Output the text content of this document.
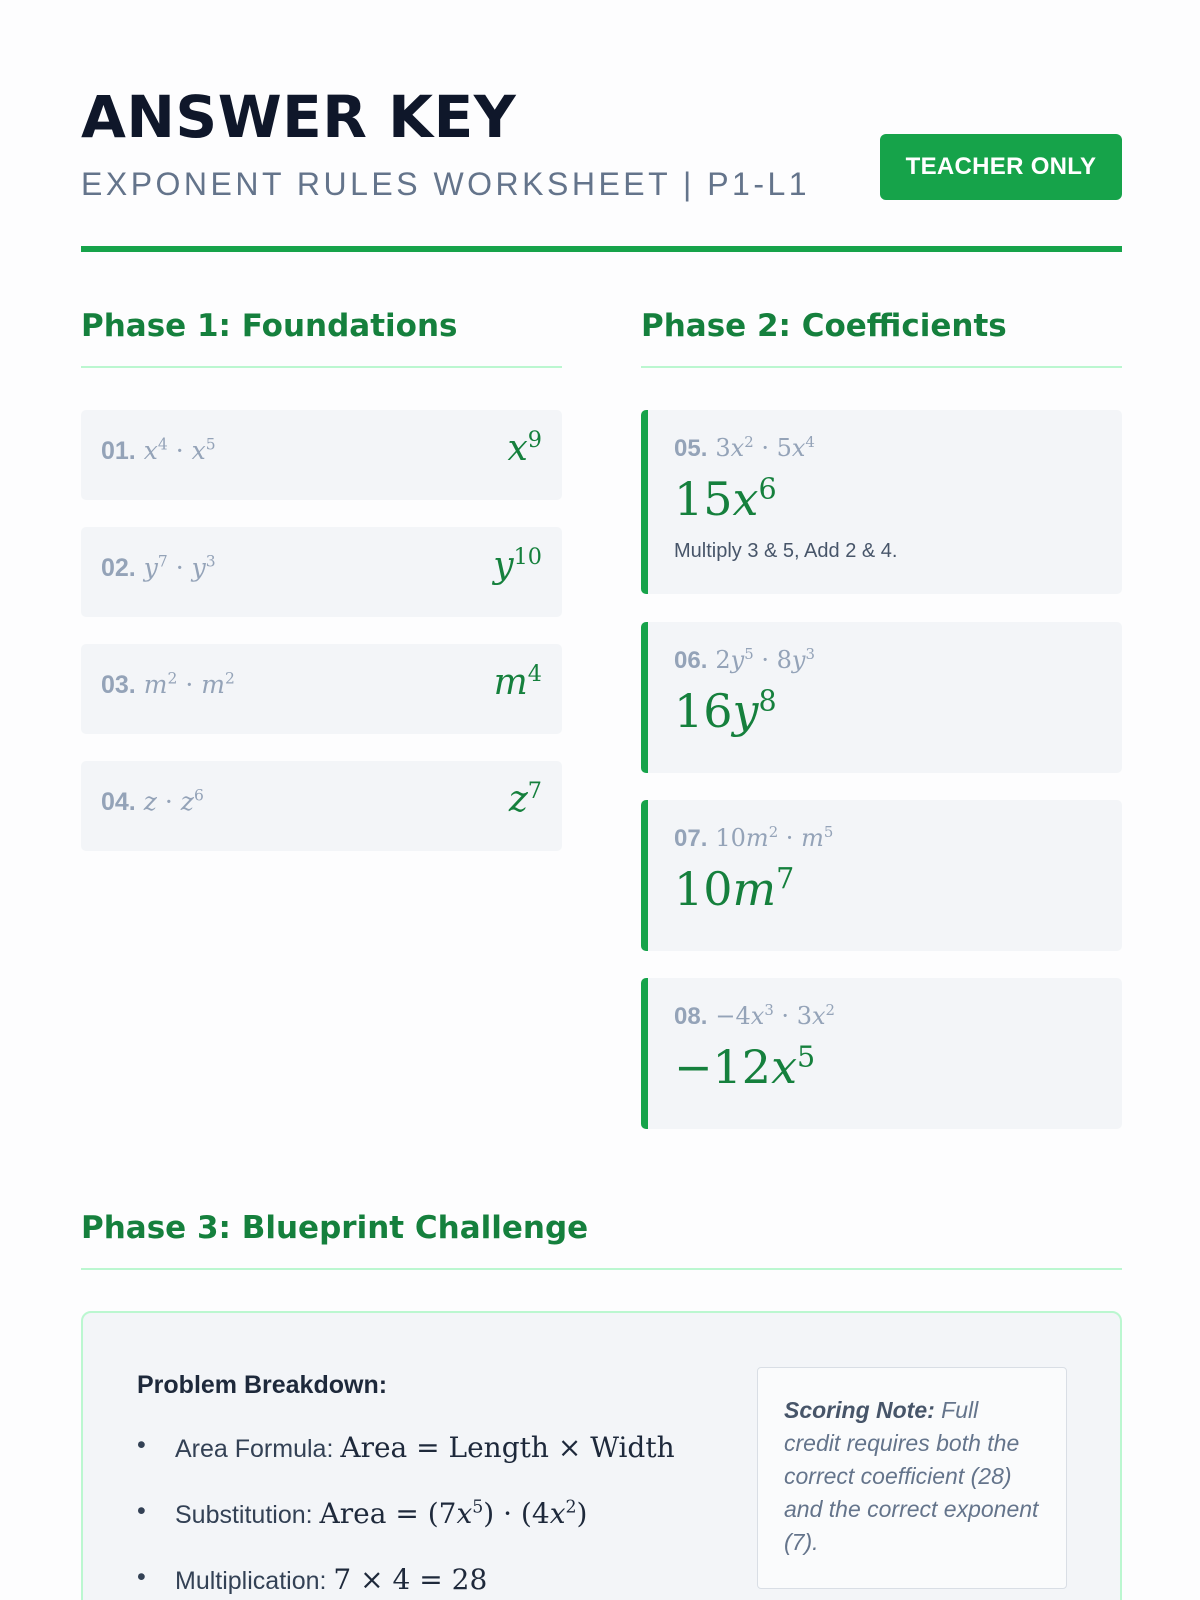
ANSWER KEY
EXPONENT RULES WORKSHEET | P1-L1	TEACHER ONLY
Phase 1: Foundations
01. $x^4 \cdot x^5$	$x^9$
02. $y^7 \cdot y^3$	$y^{10}$
03. $m^2 \cdot m^2$	$m^4$
04. $z \cdot z^6$	$z^7$
Phase 2: Coefficients
05. $3x^2 \cdot 5x^4$
$15x^6$
Multiply 3 & 5, Add 2 & 4.
06. $2y^5 \cdot 8y^3$
$16y^8$
07. $10m^2 \cdot m^5$
$10m^7$
08. $-4x^3 \cdot 3x^2$
$-12x^5$
Phase 3: Blueprint Challenge
Problem Breakdown:
• Area Formula: Area = Length × Width
• Substitution: Area = $(7x^5) \cdot (4x^2)$
• Multiplication: 7 × 4 = 28
Scoring Note: Full credit requires both the correct coefficient (28) and the correct exponent (7).
